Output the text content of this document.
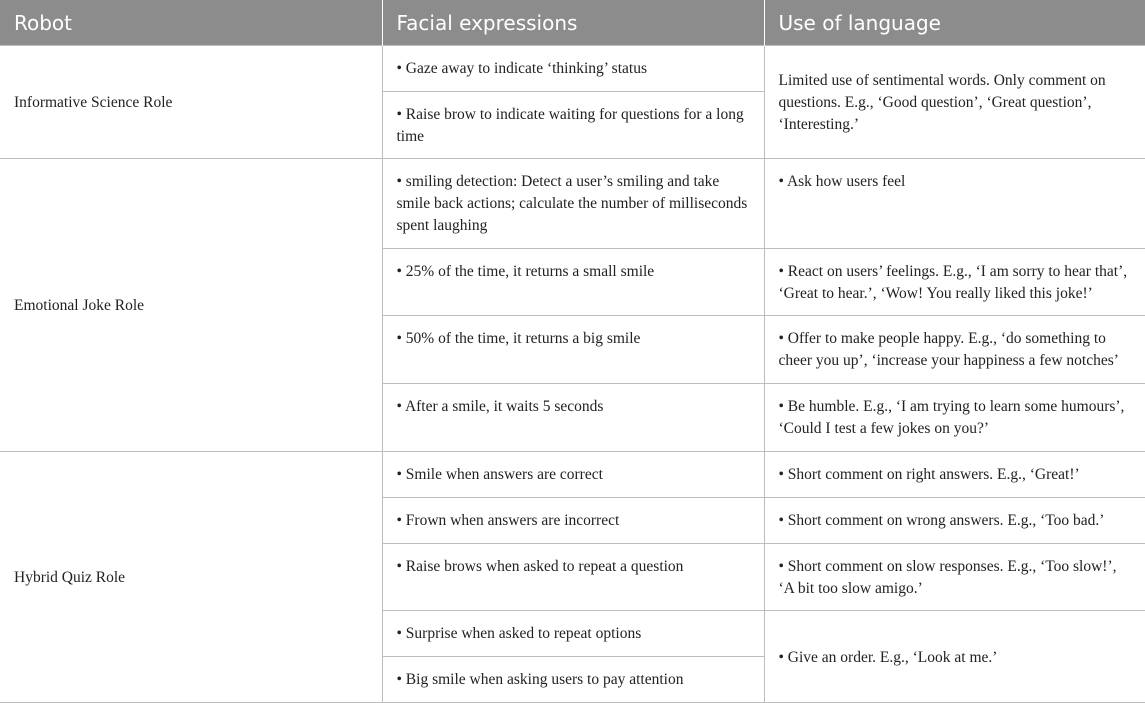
Robot	Facial expressions	Use of language
Informative Science Role	• Gaze away to indicate ‘thinking’ status	Limited use of sentimental words. Only comment on questions. E.g., ‘Good question’, ‘Great question’, ‘Interesting.’
	• Raise brow to indicate waiting for questions for a long time	
Emotional Joke Role	• smiling detection: Detect a user’s smiling and take smile back actions; calculate the number of milliseconds spent laughing	• Ask how users feel
	• 25% of the time, it returns a small smile	• React on users’ feelings. E.g., ‘I am sorry to hear that’, ‘Great to hear.’, ‘Wow! You really liked this joke!’
	• 50% of the time, it returns a big smile	• Offer to make people happy. E.g., ‘do something to cheer you up’, ‘increase your happiness a few notches’
	• After a smile, it waits 5 seconds	• Be humble. E.g., ‘I am trying to learn some humours’, ‘Could I test a few jokes on you?’
Hybrid Quiz Role	• Smile when answers are correct	• Short comment on right answers. E.g., ‘Great!’
	• Frown when answers are incorrect	• Short comment on wrong answers. E.g., ‘Too bad.’
	• Raise brows when asked to repeat a question	• Short comment on slow responses. E.g., ‘Too slow!’, ‘A bit too slow amigo.’
	• Surprise when asked to repeat options	• Give an order. E.g., ‘Look at me.’
	• Big smile when asking users to pay attention	
